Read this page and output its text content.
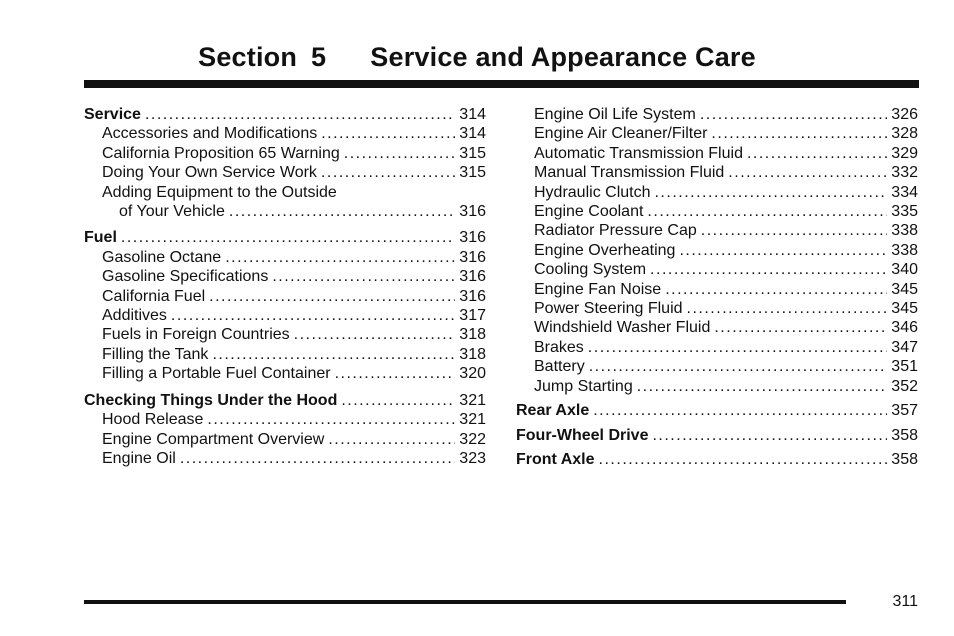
Section 5 Service and Appearance Care
Service .....	314
Accessories and Modifications .....	314
California Proposition 65 Warning .....	315
Doing Your Own Service Work .....	315
Adding Equipment to the Outside
of Your Vehicle .....	316
Fuel .....	316
Gasoline Octane .....	316
Gasoline Specifications .....	316
California Fuel .....	316
Additives .....	317
Fuels in Foreign Countries .....	318
Filling the Tank .....	318
Filling a Portable Fuel Container .....	320
Checking Things Under the Hood .....	321
Hood Release .....	321
Engine Compartment Overview .....	322
Engine Oil .....	323
Engine Oil Life System .....	326
Engine Air Cleaner/Filter .....	328
Automatic Transmission Fluid .....	329
Manual Transmission Fluid .....	332
Hydraulic Clutch .....	334
Engine Coolant .....	335
Radiator Pressure Cap .....	338
Engine Overheating .....	338
Cooling System .....	340
Engine Fan Noise .....	345
Power Steering Fluid .....	345
Windshield Washer Fluid .....	346
Brakes .....	347
Battery .....	351
Jump Starting .....	352
Rear Axle .....	357
Four-Wheel Drive .....	358
Front Axle .....	358
311
